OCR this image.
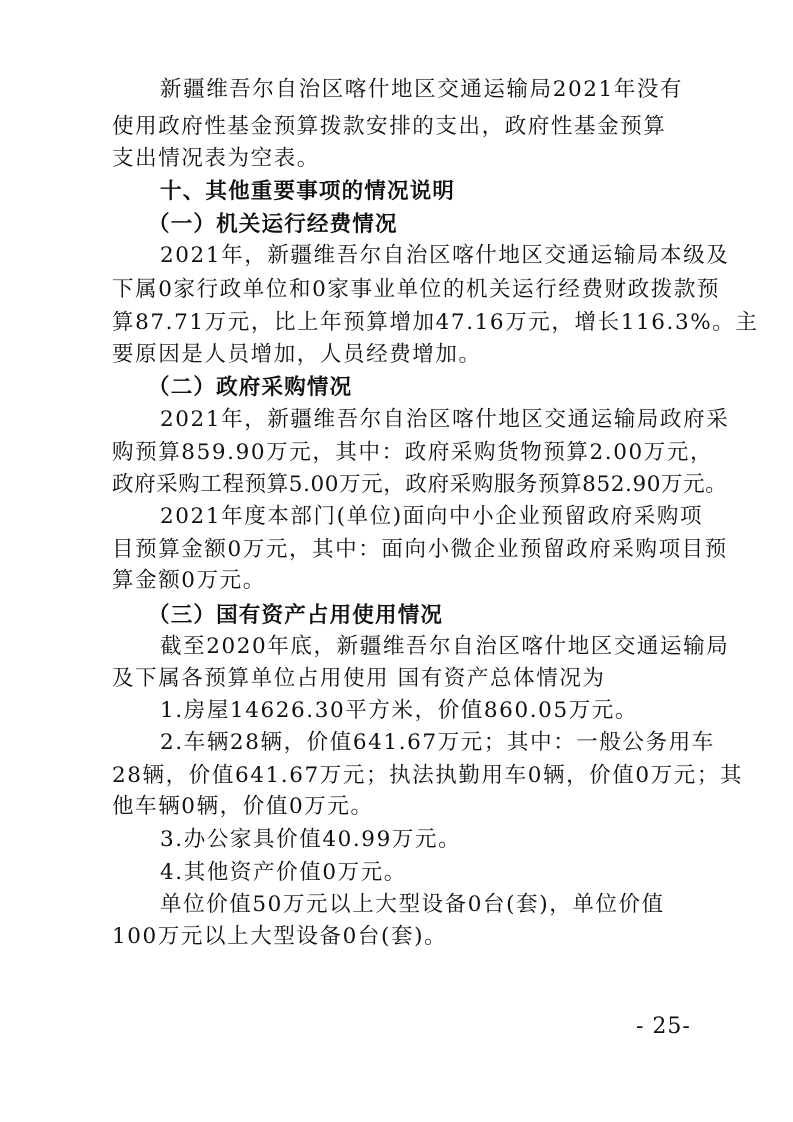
新疆维吾尔自治区喀什地区交通运输局2021年没有
使用政府性基金预算拨款安排的支出，政府性基金预算
支出情况表为空表。
十、其他重要事项的情况说明
（一）机关运行经费情况
2021年，新疆维吾尔自治区喀什地区交通运输局本级及
下属0家行政单位和0家事业单位的机关运行经费财政拨款预
算87.71万元，比上年预算增加47.16万元，增长116.3%。主
要原因是人员增加，人员经费增加。
（二）政府采购情况
2021年，新疆维吾尔自治区喀什地区交通运输局政府采
购预算859.90万元，其中：政府采购货物预算2.00万元，
政府采购工程预算5.00万元，政府采购服务预算852.90万元。
2021年度本部门(单位)面向中小企业预留政府采购项
目预算金额0万元，其中：面向小微企业预留政府采购项目预
算金额0万元。
（三）国有资产占用使用情况
截至2020年底，新疆维吾尔自治区喀什地区交通运输局
及下属各预算单位占用使用 国有资产总体情况为
1.房屋14626.30平方米，价值860.05万元。
2.车辆28辆，价值641.67万元；其中：一般公务用车
28辆，价值641.67万元；执法执勤用车0辆，价值0万元；其
他车辆0辆，价值0万元。
3.办公家具价值40.99万元。
4.其他资产价值0万元。
单位价值50万元以上大型设备0台(套)，单位价值
100万元以上大型设备0台(套)。
- 25-
